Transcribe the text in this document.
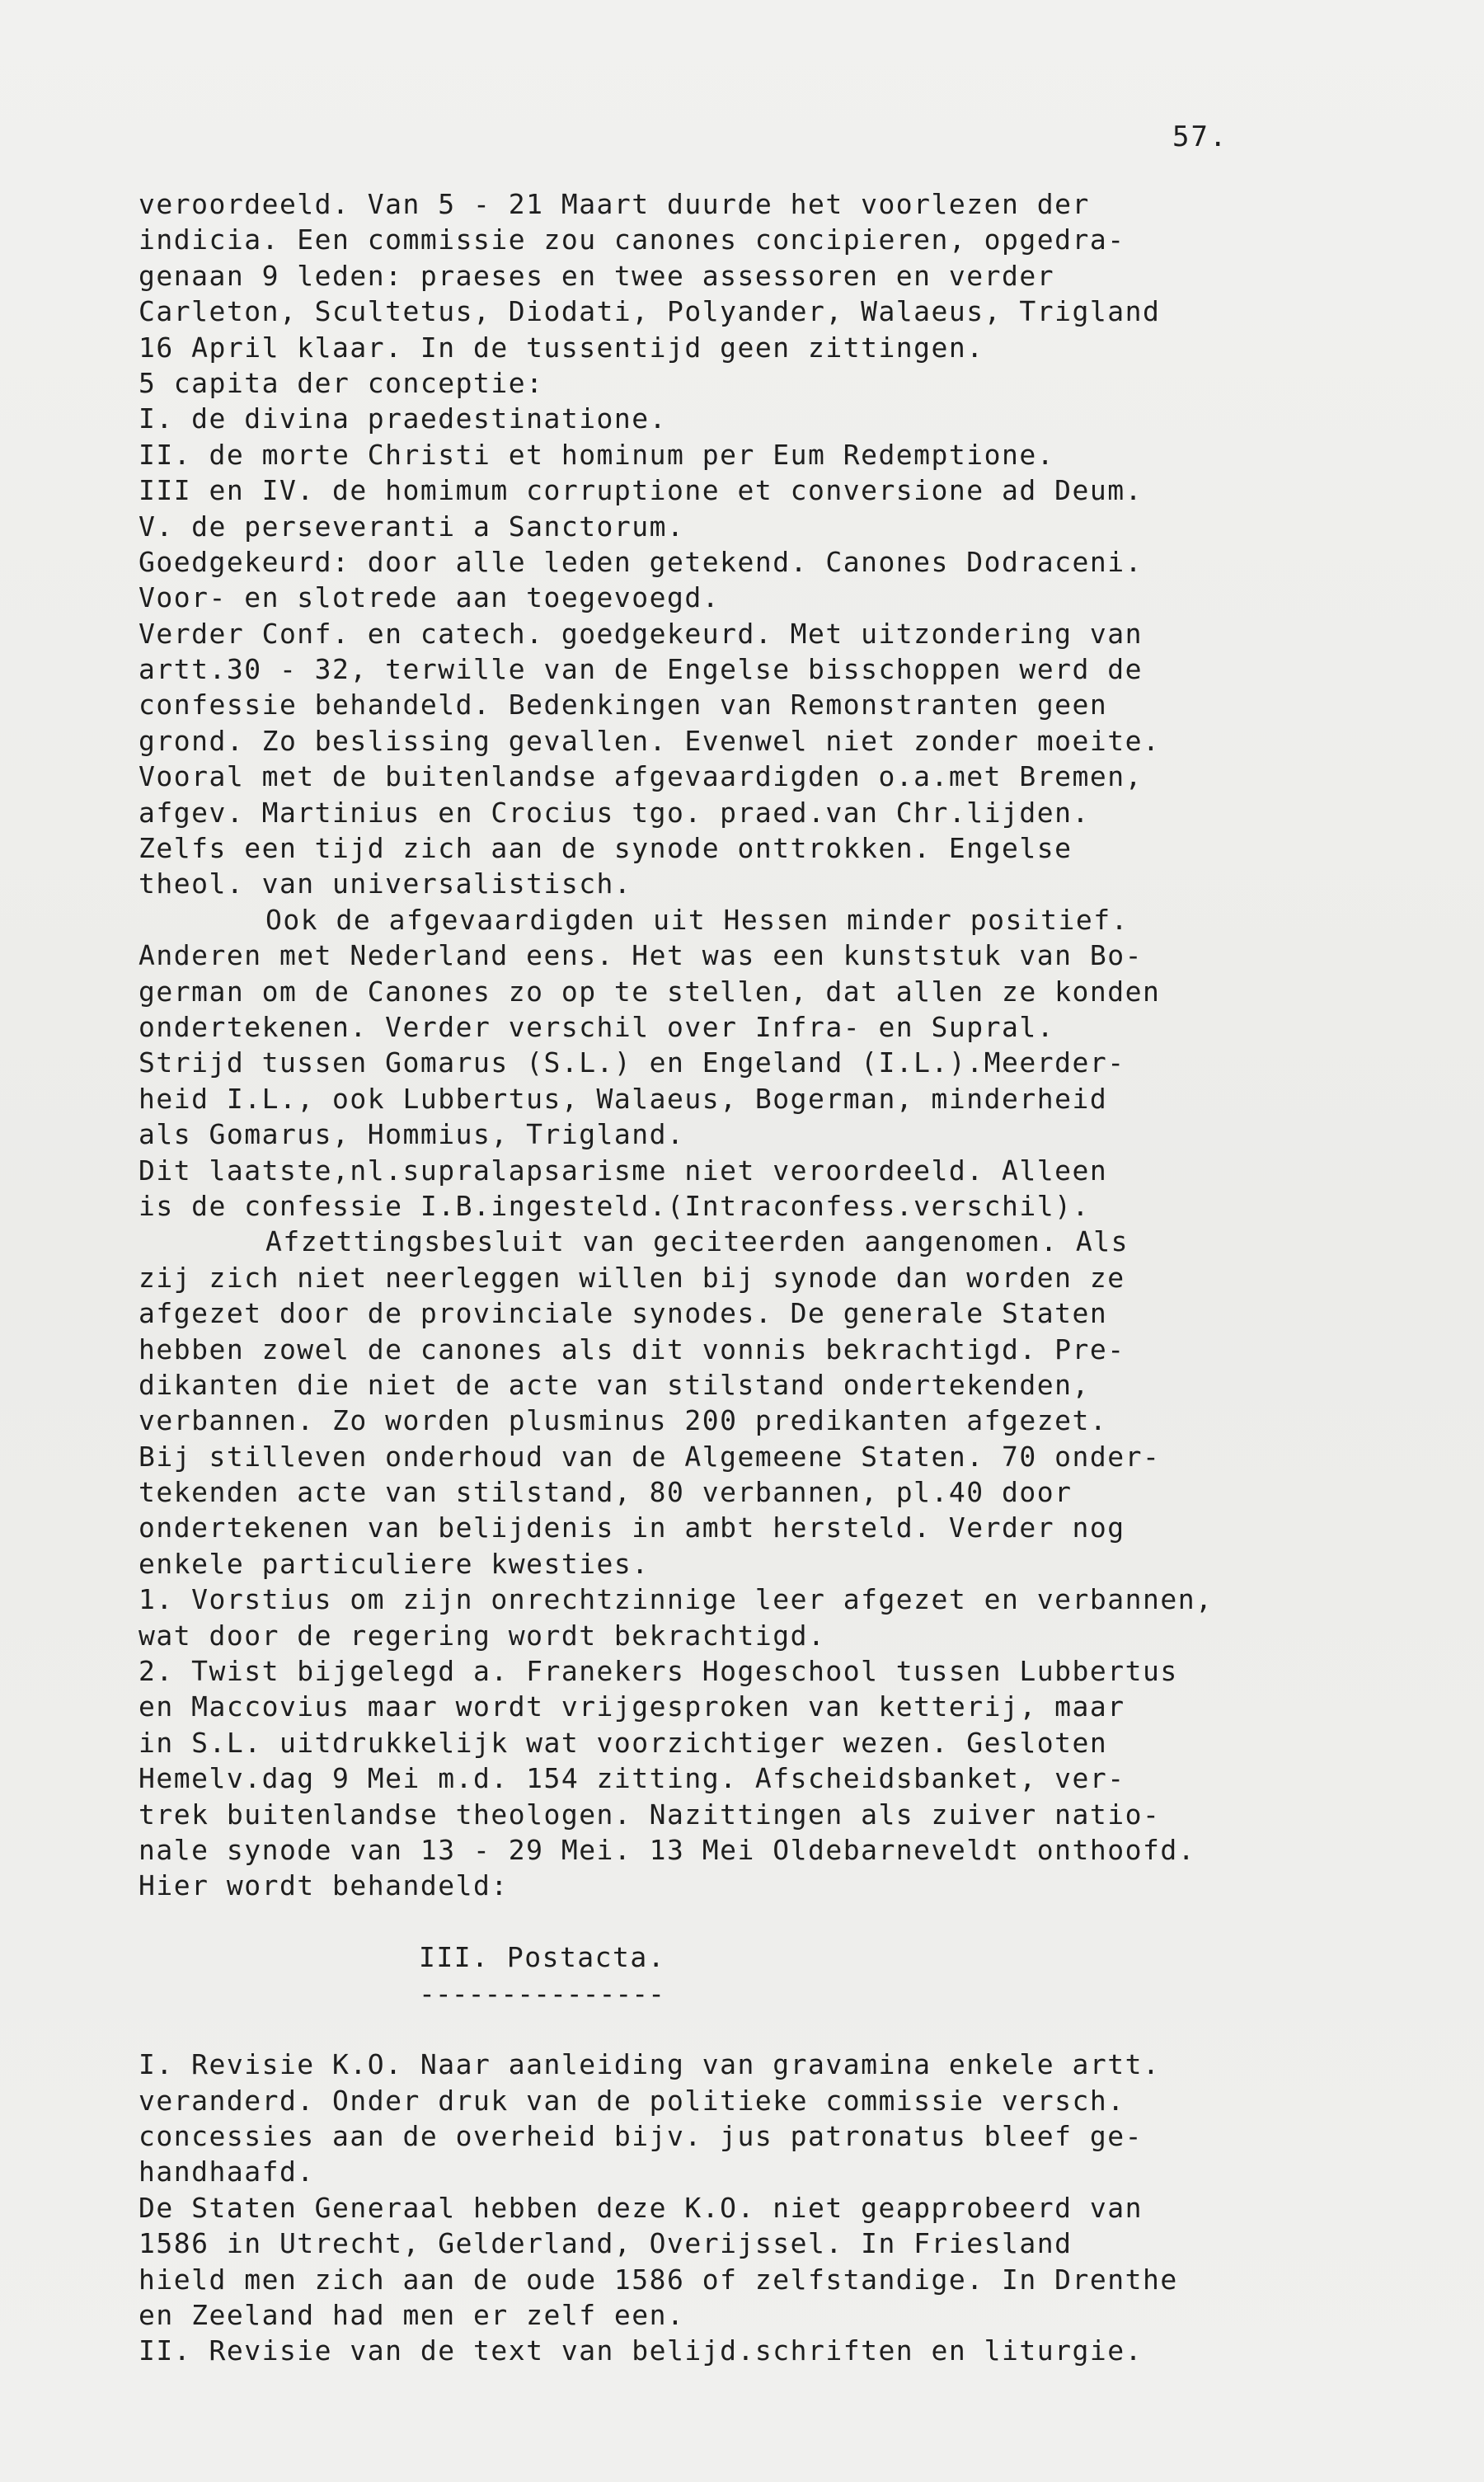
57.
veroordeeld. Van 5 - 21 Maart duurde het voorlezen der
indicia. Een commissie zou canones concipieren, opgedra-
genaan 9 leden: praeses en twee assessoren en verder
Carleton, Scultetus, Diodati, Polyander, Walaeus, Trigland
16 April klaar. In de tussentijd geen zittingen.
5 capita der conceptie:
I. de divina praedestinatione.
II. de morte Christi et hominum per Eum Redemptione.
III en IV. de homimum corruptione et conversione ad Deum.
V. de perseveranti a Sanctorum.
Goedgekeurd: door alle leden getekend. Canones Dodraceni.
Voor- en slotrede aan toegevoegd.
Verder Conf. en catech. goedgekeurd. Met uitzondering van
artt.30 - 32, terwille van de Engelse bisschoppen werd de
confessie behandeld. Bedenkingen van Remonstranten geen
grond. Zo beslissing gevallen. Evenwel niet zonder moeite.
Vooral met de buitenlandse afgevaardigden o.a.met Bremen,
afgev. Martinius en Crocius tgo. praed.van Chr.lijden.
Zelfs een tijd zich aan de synode onttrokken. Engelse
theol. van universalistisch.
Ook de afgevaardigden uit Hessen minder positief.
Anderen met Nederland eens. Het was een kunststuk van Bo-
german om de Canones zo op te stellen, dat allen ze konden
ondertekenen. Verder verschil over Infra- en Supral.
Strijd tussen Gomarus (S.L.) en Engeland (I.L.).Meerder-
heid I.L., ook Lubbertus, Walaeus, Bogerman, minderheid
als Gomarus, Hommius, Trigland.
Dit laatste,nl.supralapsarisme niet veroordeeld. Alleen
is de confessie I.B.ingesteld.(Intraconfess.verschil).
Afzettingsbesluit van geciteerden aangenomen. Als
zij zich niet neerleggen willen bij synode dan worden ze
afgezet door de provinciale synodes. De generale Staten
hebben zowel de canones als dit vonnis bekrachtigd. Pre-
dikanten die niet de acte van stilstand ondertekenden,
verbannen. Zo worden plusminus 200 predikanten afgezet.
Bij stilleven onderhoud van de Algemeene Staten. 70 onder-
tekenden acte van stilstand, 80 verbannen, pl.40 door
ondertekenen van belijdenis in ambt hersteld. Verder nog
enkele particuliere kwesties.
1. Vorstius om zijn onrechtzinnige leer afgezet en verbannen,
wat door de regering wordt bekrachtigd.
2. Twist bijgelegd a. Franekers Hogeschool tussen Lubbertus
en Maccovius maar wordt vrijgesproken van ketterij, maar
in S.L. uitdrukkelijk wat voorzichtiger wezen. Gesloten
Hemelv.dag 9 Mei m.d. 154 zitting. Afscheidsbanket, ver-
trek buitenlandse theologen. Nazittingen als zuiver natio-
nale synode van 13 - 29 Mei. 13 Mei Oldebarneveldt onthoofd.
Hier wordt behandeld:
III. Postacta.
---------------
I. Revisie K.O. Naar aanleiding van gravamina enkele artt.
veranderd. Onder druk van de politieke commissie versch.
concessies aan de overheid bijv. jus patronatus bleef ge-
handhaafd.
De Staten Generaal hebben deze K.O. niet geapprobeerd van
1586 in Utrecht, Gelderland, Overijssel. In Friesland
hield men zich aan de oude 1586 of zelfstandige. In Drenthe
en Zeeland had men er zelf een.
II. Revisie van de text van belijd.schriften en liturgie.
